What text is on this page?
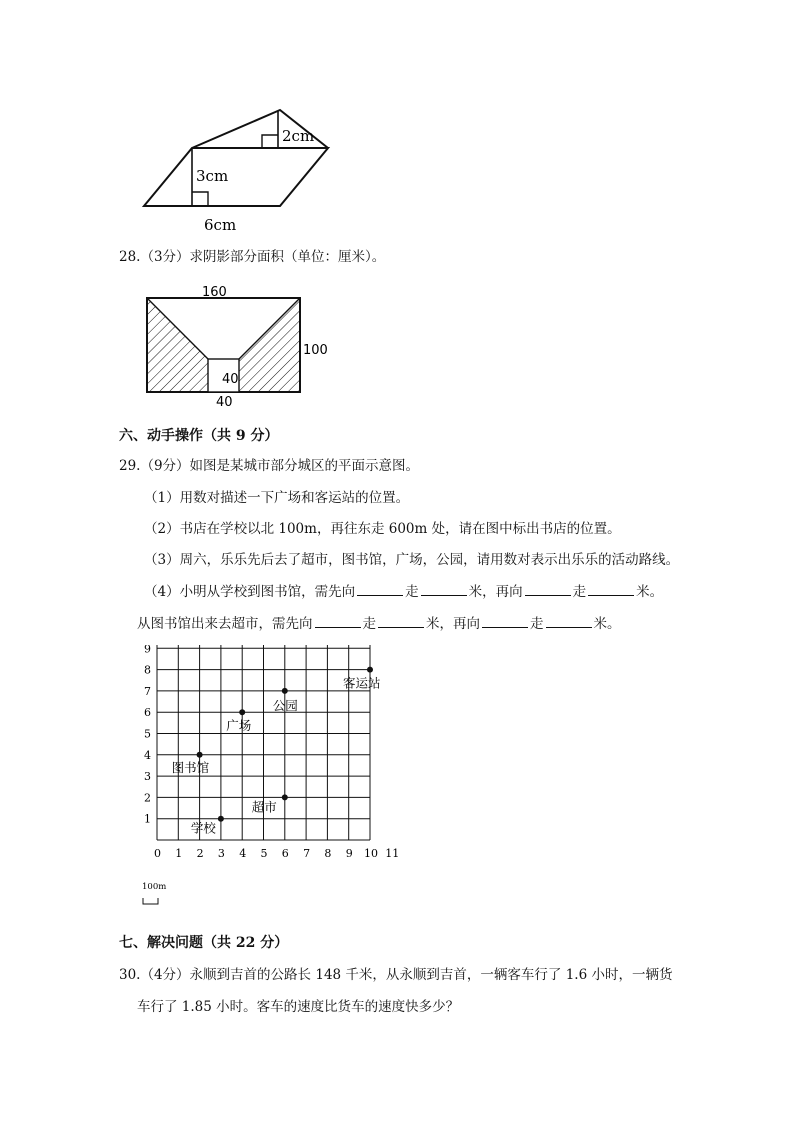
2cm
3cm
6cm
28.（3分）求阴影部分面积（单位：厘米）。
160
100
40
40
六、动手操作（共 9 分）
29.（9分）如图是某城市部分城区的平面示意图。
（1）用数对描述一下广场和客运站的位置。
（2）书店在学校以北 100m，再往东走 600m 处，请在图中标出书店的位置。
（3）周六，乐乐先后去了超市，图书馆，广场，公园，请用数对表示出乐乐的活动路线。
（4）小明从学校到图书馆，需先向	走	米，再向	走	米。
从图书馆出来去超市，需先向	走	米，再向	走	米。
0 1 2 3 4 5 6 7 8 9 10 11
1
2
3
4
5
6
7
8
9
学校
超市
图书馆
广场
公园
客运站
100m
七、解决问题（共 22 分）
30.（4分）永顺到吉首的公路长 148 千米，从永顺到吉首，一辆客车行了 1.6 小时，一辆货
车行了 1.85 小时。客车的速度比货车的速度快多少？
